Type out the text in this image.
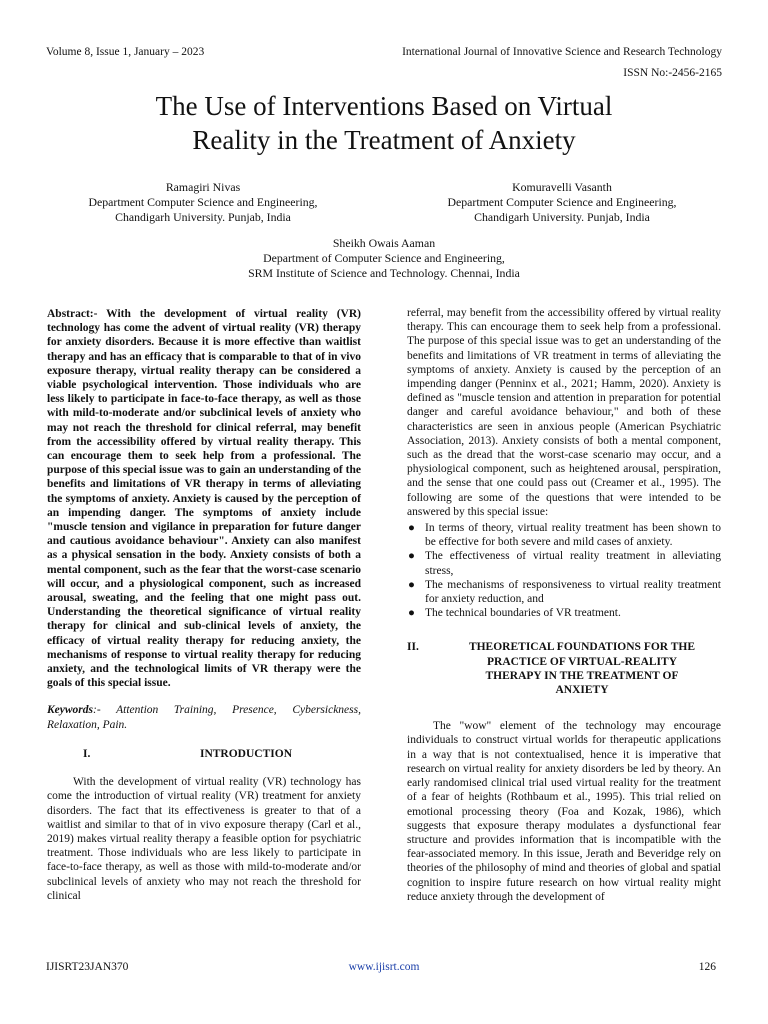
Volume 8, Issue 1, January – 2023	International Journal of Innovative Science and Research Technology
ISSN No:-2456-2165
The Use of Interventions Based on Virtual
Reality in the Treatment of Anxiety
Ramagiri Nivas
Department Computer Science and Engineering,
Chandigarh University. Punjab, India
Komuravelli Vasanth
Department Computer Science and Engineering,
Chandigarh University. Punjab, India
Sheikh Owais Aaman
Department of Computer Science and Engineering,
SRM Institute of Science and Technology. Chennai, India

Abstract:- With the development of virtual reality (VR) technology has come the advent of virtual reality (VR) therapy for anxiety disorders. Because it is more effective than waitlist therapy and has an efficacy that is comparable to that of in vivo exposure therapy, virtual reality therapy can be considered a viable psychological intervention. Those individuals who are less likely to participate in face-to-face therapy, as well as those with mild-to-moderate and/or subclinical levels of anxiety who may not reach the threshold for clinical referral, may benefit from the accessibility offered by virtual reality therapy. This can encourage them to seek help from a professional. The purpose of this special issue was to gain an understanding of the benefits and limitations of VR therapy in terms of alleviating the symptoms of anxiety. Anxiety is caused by the perception of an impending danger. The symptoms of anxiety include "muscle tension and vigilance in preparation for future danger and cautious avoidance behaviour". Anxiety can also manifest as a physical sensation in the body. Anxiety consists of both a mental component, such as the fear that the worst-case scenario will occur, and a physiological component, such as increased arousal, sweating, and the feeling that one might pass out. Understanding the theoretical significance of virtual reality therapy for clinical and sub-clinical levels of anxiety, the efficacy of virtual reality therapy for reducing anxiety, the mechanisms of response to virtual reality therapy for reducing anxiety, and the technological limits of VR therapy were the goals of this special issue.

Keywords:- Attention Training, Presence, Cybersickness, Relaxation, Pain.

I.	INTRODUCTION

With the development of virtual reality (VR) technology has come the introduction of virtual reality (VR) treatment for anxiety disorders. The fact that its effectiveness is greater to that of a waitlist and similar to that of in vivo exposure therapy (Carl et al., 2019) makes virtual reality therapy a feasible option for psychiatric treatment. Those individuals who are less likely to participate in face-to-face therapy, as well as those with mild-to-moderate and/or subclinical levels of anxiety who may not reach the threshold for clinical

referral, may benefit from the accessibility offered by virtual reality therapy. This can encourage them to seek help from a professional. The purpose of this special issue was to get an understanding of the benefits and limitations of VR treatment in terms of alleviating the symptoms of anxiety. Anxiety is caused by the perception of an impending danger (Penninx et al., 2021; Hamm, 2020). Anxiety is defined as "muscle tension and attention in preparation for potential danger and careful avoidance behaviour," and both of these characteristics are seen in anxious people (American Psychiatric Association, 2013). Anxiety consists of both a mental component, such as the dread that the worst-case scenario may occur, and a physiological component, such as heightened arousal, perspiration, and the sense that one could pass out (Creamer et al., 1995). The following are some of the questions that were intended to be answered by this special issue:

● In terms of theory, virtual reality treatment has been shown to be effective for both severe and mild cases of anxiety.
● The effectiveness of virtual reality treatment in alleviating stress,
● The mechanisms of responsiveness to virtual reality treatment for anxiety reduction, and
● The technical boundaries of VR treatment.
II.	THEORETICAL FOUNDATIONS FOR THE
PRACTICE OF VIRTUAL-REALITY
THERAPY IN THE TREATMENT OF
ANXIETY

The "wow" element of the technology may encourage individuals to construct virtual worlds for therapeutic applications in a way that is not contextualised, hence it is imperative that research on virtual reality for anxiety disorders be led by theory. An early randomised clinical trial used virtual reality for the treatment of a fear of heights (Rothbaum et al., 1995). This trial relied on emotional processing theory (Foa and Kozak, 1986), which suggests that exposure therapy modulates a dysfunctional fear structure and provides information that is incompatible with the fear-associated memory. In this issue, Jerath and Beveridge rely on theories of the philosophy of mind and theories of global and spatial cognition to inspire future research on how virtual reality might reduce anxiety through the development of

IJISRT23JAN370	www.ijisrt.com	126
